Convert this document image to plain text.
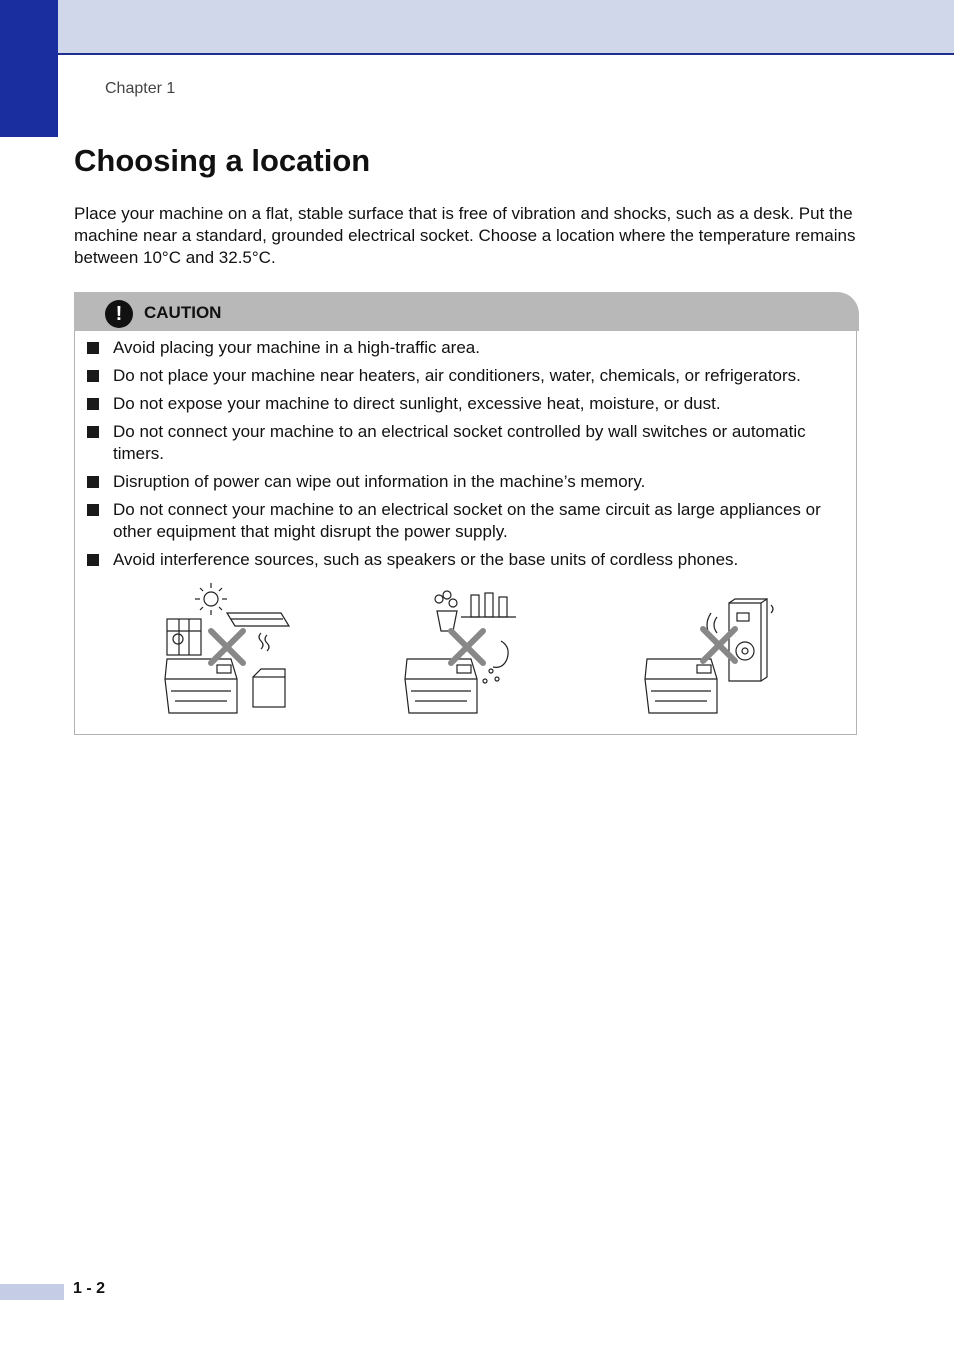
Chapter 1
Choosing a location

Place your machine on a flat, stable surface that is free of vibration and shocks, such as a desk. Put the machine near a standard, grounded electrical socket. Choose a location where the temperature remains between 10°C and 32.5°C.

!	CAUTION
Avoid placing your machine in a high-traffic area.
Do not place your machine near heaters, air conditioners, water, chemicals, or refrigerators.
Do not expose your machine to direct sunlight, excessive heat, moisture, or dust.
Do not connect your machine to an electrical socket controlled by wall switches or automatic timers.
Disruption of power can wipe out information in the machine’s memory.
Do not connect your machine to an electrical socket on the same circuit as large appliances or other equipment that might disrupt the power supply.
Avoid interference sources, such as speakers or the base units of cordless phones.
1 - 2
